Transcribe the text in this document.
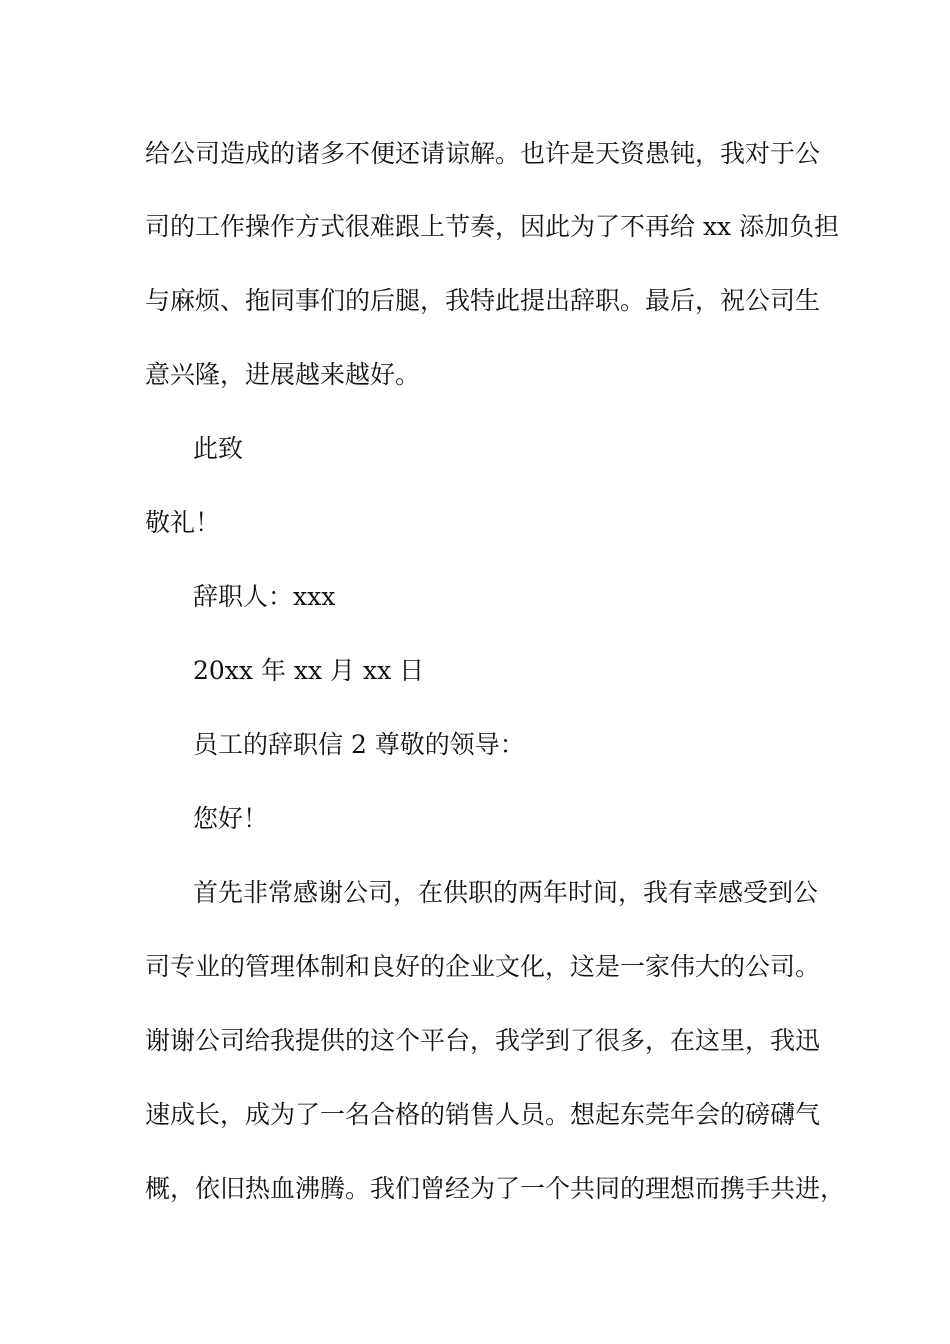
给公司造成的诸多不便还请谅解。也许是天资愚钝，我对于公

司的工作操作方式很难跟上节奏，因此为了不再给 xx 添加负担

与麻烦、拖同事们的后腿，我特此提出辞职。最后，祝公司生

意兴隆，进展越来越好。

此致

敬礼！

辞职人：xxx

20xx 年 xx 月 xx 日

员工的辞职信 2 尊敬的领导：

您好！

首先非常感谢公司，在供职的两年时间，我有幸感受到公

司专业的管理体制和良好的企业文化，这是一家伟大的公司。

谢谢公司给我提供的这个平台，我学到了很多，在这里，我迅

速成长，成为了一名合格的销售人员。想起东莞年会的磅礴气

概，依旧热血沸腾。我们曾经为了一个共同的理想而携手共进，
